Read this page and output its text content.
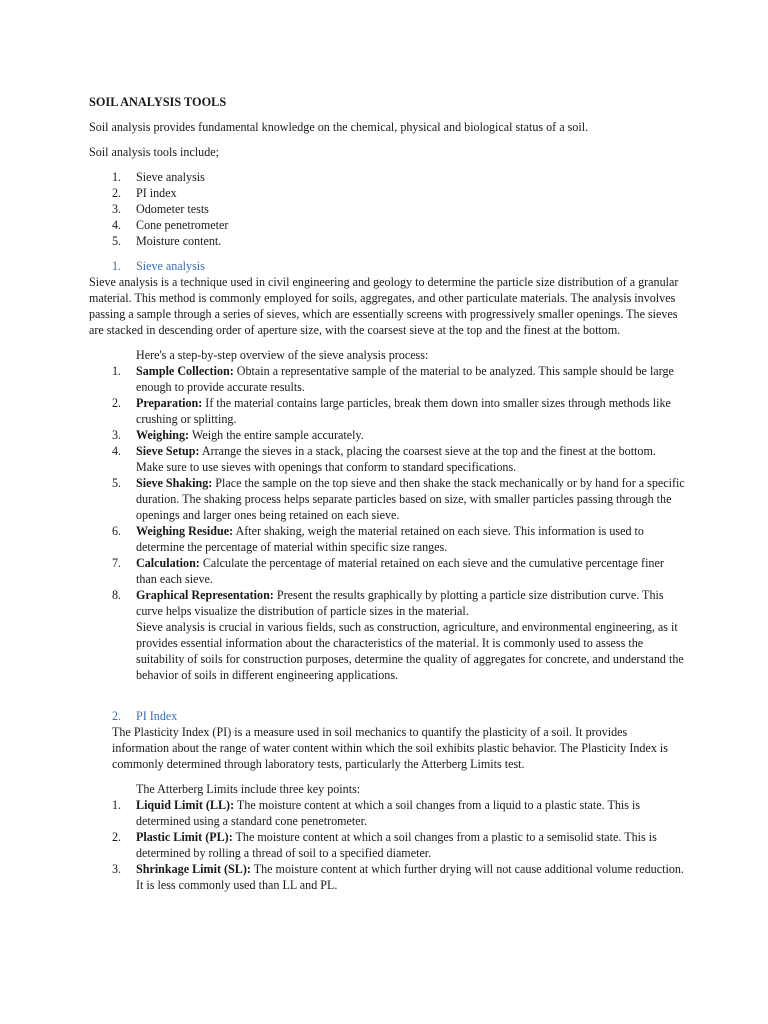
SOIL ANALYSIS TOOLS

Soil analysis provides fundamental knowledge on the chemical, physical and biological status of a soil.

Soil analysis tools include;

1. Sieve analysis
2. PI index
3. Odometer tests
4. Cone penetrometer
5. Moisture content.

1. Sieve analysis

Sieve analysis is a technique used in civil engineering and geology to determine the particle size distribution of a granular material. This method is commonly employed for soils, aggregates, and other particulate materials. The analysis involves passing a sample through a series of sieves, which are essentially screens with progressively smaller openings. The sieves are stacked in descending order of aperture size, with the coarsest sieve at the top and the finest at the bottom.

Here's a step-by-step overview of the sieve analysis process:

1. Sample Collection: Obtain a representative sample of the material to be analyzed. This sample should be large enough to provide accurate results.
2. Preparation: If the material contains large particles, break them down into smaller sizes through methods like crushing or splitting.
3. Weighing: Weigh the entire sample accurately.
4. Sieve Setup: Arrange the sieves in a stack, placing the coarsest sieve at the top and the finest at the bottom. Make sure to use sieves with openings that conform to standard specifications.
5. Sieve Shaking: Place the sample on the top sieve and then shake the stack mechanically or by hand for a specific duration. The shaking process helps separate particles based on size, with smaller particles passing through the openings and larger ones being retained on each sieve.
6. Weighing Residue: After shaking, weigh the material retained on each sieve. This information is used to determine the percentage of material within specific size ranges.
7. Calculation: Calculate the percentage of material retained on each sieve and the cumulative percentage finer than each sieve.
8. Graphical Representation: Present the results graphically by plotting a particle size distribution curve. This curve helps visualize the distribution of particle sizes in the material.

Sieve analysis is crucial in various fields, such as construction, agriculture, and environmental engineering, as it provides essential information about the characteristics of the material. It is commonly used to assess the suitability of soils for construction purposes, determine the quality of aggregates for concrete, and understand the behavior of soils in different engineering applications.

2. PI Index

The Plasticity Index (PI) is a measure used in soil mechanics to quantify the plasticity of a soil. It provides information about the range of water content within which the soil exhibits plastic behavior. The Plasticity Index is commonly determined through laboratory tests, particularly the Atterberg Limits test.

The Atterberg Limits include three key points:

1. Liquid Limit (LL): The moisture content at which a soil changes from a liquid to a plastic state. This is determined using a standard cone penetrometer.
2. Plastic Limit (PL): The moisture content at which a soil changes from a plastic to a semisolid state. This is determined by rolling a thread of soil to a specified diameter.
3. Shrinkage Limit (SL): The moisture content at which further drying will not cause additional volume reduction. It is less commonly used than LL and PL.
